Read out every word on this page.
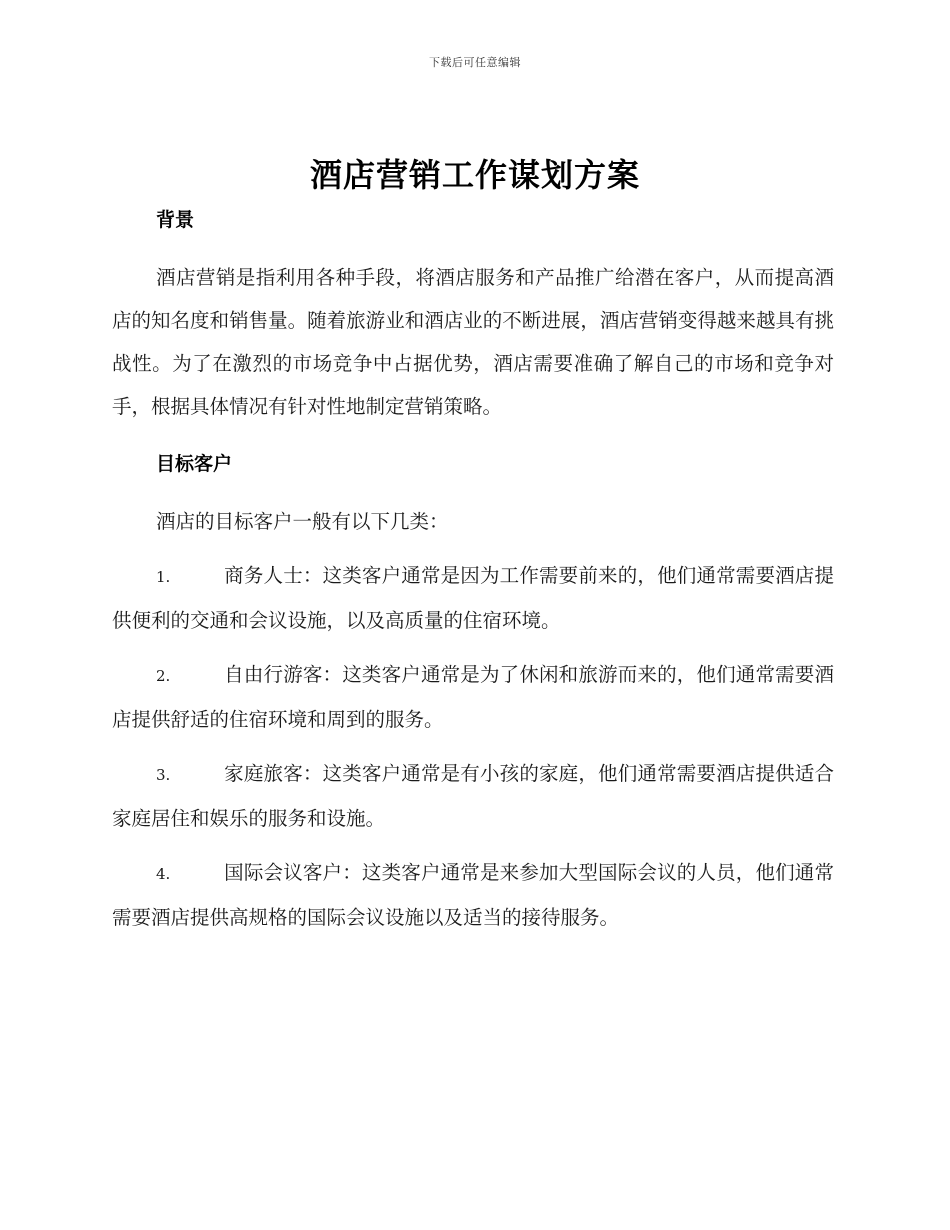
下载后可任意编辑
酒店营销工作谋划方案

背景

酒店营销是指利用各种手段，将酒店服务和产品推广给潜在客户，从而提高酒店的知名度和销售量。随着旅游业和酒店业的不断进展，酒店营销变得越来越具有挑战性。为了在激烈的市场竞争中占据优势，酒店需要准确了解自己的市场和竞争对手，根据具体情况有针对性地制定营销策略。

目标客户

酒店的目标客户一般有以下几类：

1.	商务人士：这类客户通常是因为工作需要前来的，他们通常需要酒店提供便利的交通和会议设施，以及高质量的住宿环境。

2.	自由行游客：这类客户通常是为了休闲和旅游而来的，他们通常需要酒店提供舒适的住宿环境和周到的服务。

3.	家庭旅客：这类客户通常是有小孩的家庭，他们通常需要酒店提供适合家庭居住和娱乐的服务和设施。

4.	国际会议客户：这类客户通常是来参加大型国际会议的人员，他们通常需要酒店提供高规格的国际会议设施以及适当的接待服务。
